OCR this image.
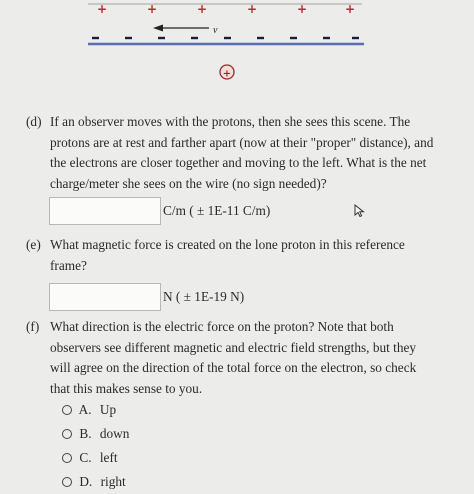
+	+	+	+	+	+
v
+
(d) If an observer moves with the protons, then she sees this scene. The
protons are at rest and farther apart (now at their "proper" distance), and
the electrons are closer together and moving to the left. What is the net
charge/meter she sees on the wire (no sign needed)?
C/m ( ± 1E-11 C/m)
(e) What magnetic force is created on the lone proton in this reference
frame?
N ( ± 1E-19 N)
(f) What direction is the electric force on the proton? Note that both
observers see different magnetic and electric field strengths, but they
will agree on the direction of the total force on the electron, so check
that this makes sense to you.
A. Up
B. down
C. left
D. right
